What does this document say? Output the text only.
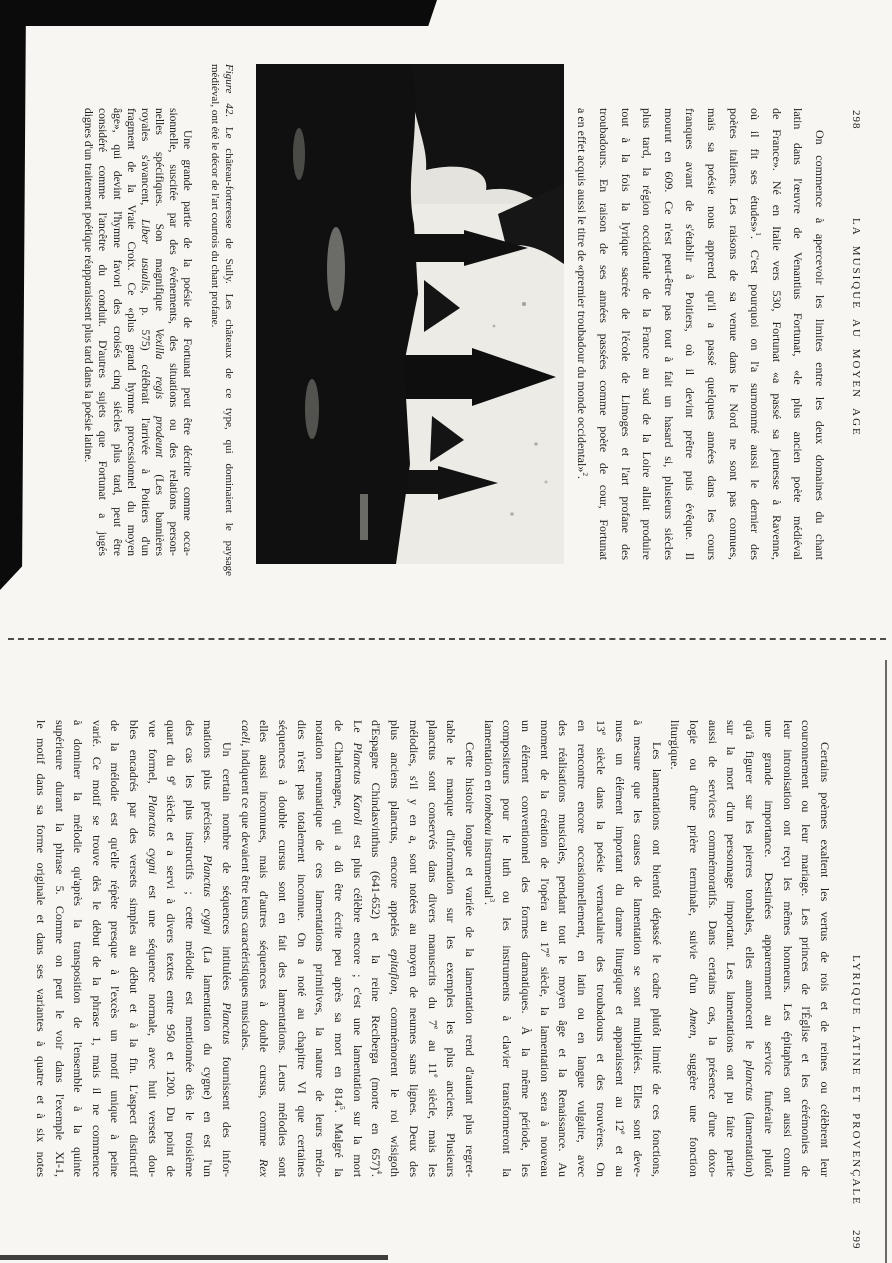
298
LA MUSIQUE AU MOYEN AGE
On commence à apercevoir les limites entre les deux domaines du chant
latin dans l'œuvre de Venantius Fortunat, «le plus ancien poète médiéval
de France». Né en Italie vers 530, Fortunat «a passé sa jeunesse à Ravenne,
où il fit ses études»$^1$. C'est pourquoi on l'a surnommé aussi le dernier des
poètes italiens. Les raisons de sa venue dans le Nord ne sont pas connues,
mais sa poésie nous apprend qu'il a passé quelques années dans les cours
franques avant de s'établir à Poitiers, où il devint prêtre puis évêque. Il
mourut en 609. Ce n'est peut-être pas tout à fait un hasard si, plusieurs siècles
plus tard, la région occidentale de la France au sud de la Loire allait produire
tout à la fois la lyrique sacrée de l'école de Limoges et l'art profane des
troubadours. En raison de ses années passées comme poète de cour, Fortunat
a en effet acquis aussi le titre de «premier troubadour du monde occidental»$^2$.
Figure 42. Le château-forteresse de Sully. Les châteaux de ce type, qui dominaient le paysage
médiéval, ont été le décor de l'art courtois du chant profane.
Une grande partie de la poésie de Fortunat peut être décrite comme occa-
sionnelle, suscitée par des événements, des situations ou des relations person-
nelles spécifiques. Son magnifique Vexilla regis prodeunt (Les bannières
royales s'avancent, Liber usualis, p. 575) célébrait l'arrivée à Poitiers d'un
fragment de la Vraie Croix. Ce «plus grand hymne processionnel du moyen
âge», qui devint l'hymne favori des croisés cinq siècles plus tard, peut être
considéré comme l'ancêtre du conduit. D'autres sujets que Fortunat a jugés
dignes d'un traitement poétique réapparaissent plus tard dans la poésie latine.
LYRIQUE LATINE ET PROVENÇALE
299
Certains poèmes exaltent les vertus de rois et de reines ou célèbrent leur
couronnement ou leur mariage. Les princes de l'Église et les cérémonies de
leur intronisation ont reçu les mêmes honneurs. Les épitaphes ont aussi connu
une grande importance. Destinées apparemment au service funéraire plutôt
qu'à figurer sur les pierres tombales, elles annoncent le planctus (lamentation)
sur la mort d'un personnage important. Les lamentations ont pu faire partie
aussi de services commémoratifs. Dans certains cas, la présence d'une doxo-
logie ou d'une prière terminale, suivie d'un Amen, suggère une fonction
liturgique.
Les lamentations ont bientôt dépassé le cadre plutôt limité de ces fonctions,
à mesure que les causes de lamentation se sont multipliées. Elles sont deve-
nues un élément important du drame liturgique et apparaissent au 12e et au
13e siècle dans la poésie vernaculaire des troubadours et des trouvères. On
en rencontre encore occasionnellement, en latin ou en langue vulgaire, avec
des réalisations musicales, pendant tout le moyen âge et la Renaissance. Au
moment de la création de l'opéra au 17e siècle, la lamentation sera à nouveau
un élément conventionnel des formes dramatiques. À la même période, les
compositeurs pour le luth ou les instruments à clavier transformeront la
lamentation en tombeau instrumental$^3$.
Cette histoire longue et variée de la lamentation rend d'autant plus regret-
table le manque d'information sur les exemples les plus anciens. Plusieurs
planctus sont conservés dans divers manuscrits du 7e au 11e siècle, mais les
mélodies, s'il y en a, sont notées au moyen de neumes sans lignes. Deux des
plus anciens planctus, encore appelés epitafion, commémorent le roi wisigoth
d'Espagne Chindasvinthus (641-652) et la reine Reciberga (morte en 657)$^4$.
Le Planctus Karoli est plus célèbre encore ; c'est une lamentation sur la mort
de Charlemagne, qui a dû être écrite peu après sa mort en $814^5$. Malgré la
notation neumatique de ces lamentations primitives, la nature de leurs mélo-
dies n'est pas totalement inconnue. On a noté au chapitre VI que certaines
séquences à double cursus sont en fait des lamentations. Leurs mélodies sont
elles aussi inconnues, mais d'autres séquences à double cursus, comme Rex
caeli, indiquent ce que devaient être leurs caractéristiques musicales.
Un certain nombre de séquences intitulées Planctus fournissent des infor-
mations plus précises. Planctus cygni (La lamentation du cygne) en est l'un
des cas les plus instructifs ; cette mélodie est mentionnée dès le troisième
quart du 9e siècle et a servi à divers textes entre 950 et 1200. Du point de
vue formel, Planctus cygni est une séquence normale, avec huit versets dou-
bles encadrés par des versets simples au début et à la fin. L'aspect distinctif
de la mélodie est qu'elle répète presque à l'excès un motif unique à peine
varié. Ce motif se trouve dès le début de la phrase 1, mais il ne commence
à dominer la mélodie qu'après la transposition de l'ensemble à la quinte
supérieure durant la phrase 5. Comme on peut le voir dans l'exemple XI-1,
le motif dans sa forme originale et dans ses variantes à quatre et à six notes
